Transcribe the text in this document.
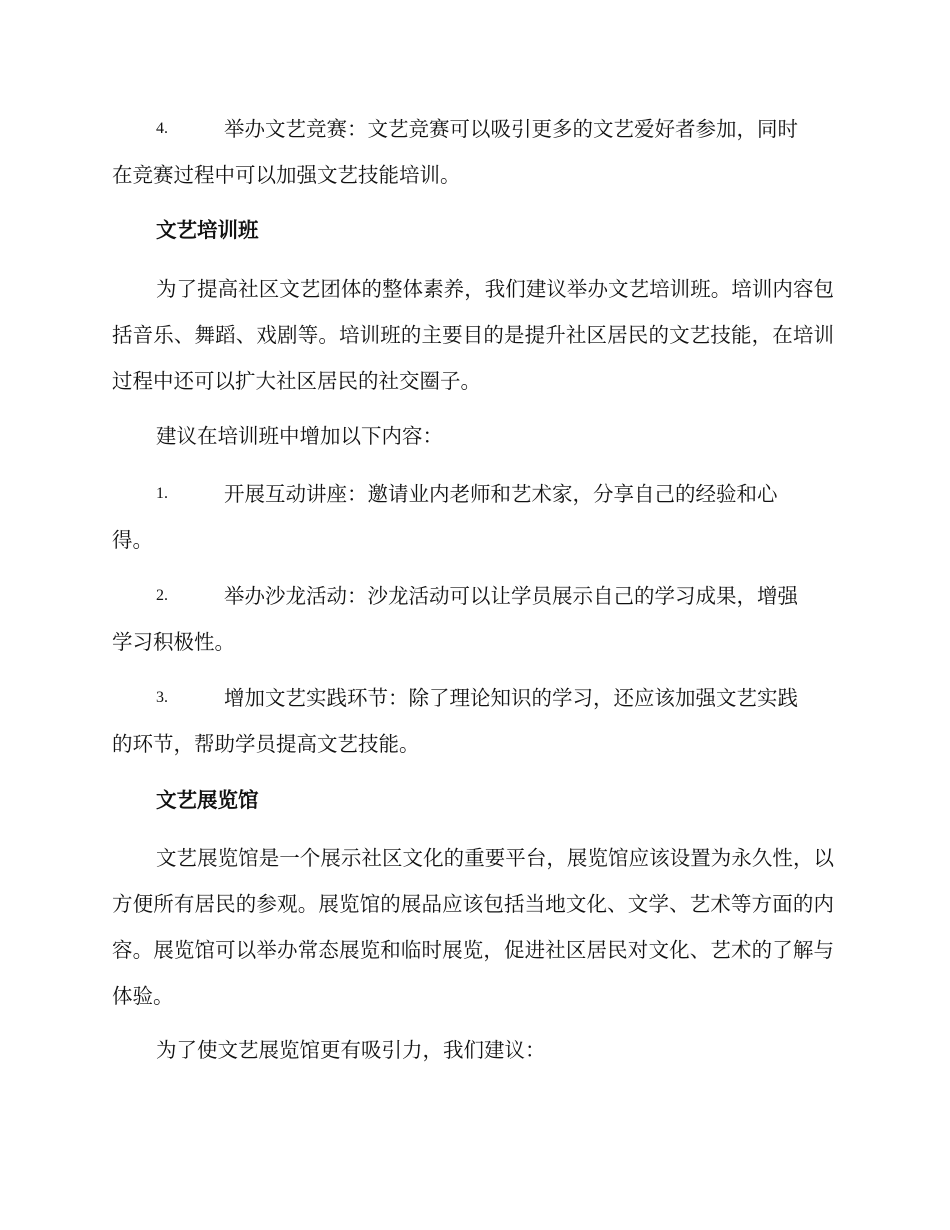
4.	举办文艺竞赛：文艺竞赛可以吸引更多的文艺爱好者参加，同时
在竞赛过程中可以加强文艺技能培训。
文艺培训班
为了提高社区文艺团体的整体素养，我们建议举办文艺培训班。培训内容包括音乐、舞蹈、戏剧等。培训班的主要目的是提升社区居民的文艺技能，在培训过程中还可以扩大社区居民的社交圈子。
建议在培训班中增加以下内容：
1.	开展互动讲座：邀请业内老师和艺术家，分享自己的经验和心
得。
2.	举办沙龙活动：沙龙活动可以让学员展示自己的学习成果，增强
学习积极性。
3.	增加文艺实践环节：除了理论知识的学习，还应该加强文艺实践
的环节，帮助学员提高文艺技能。
文艺展览馆
文艺展览馆是一个展示社区文化的重要平台，展览馆应该设置为永久性，以方便所有居民的参观。展览馆的展品应该包括当地文化、文学、艺术等方面的内容。展览馆可以举办常态展览和临时展览，促进社区居民对文化、艺术的了解与体验。
为了使文艺展览馆更有吸引力，我们建议：
